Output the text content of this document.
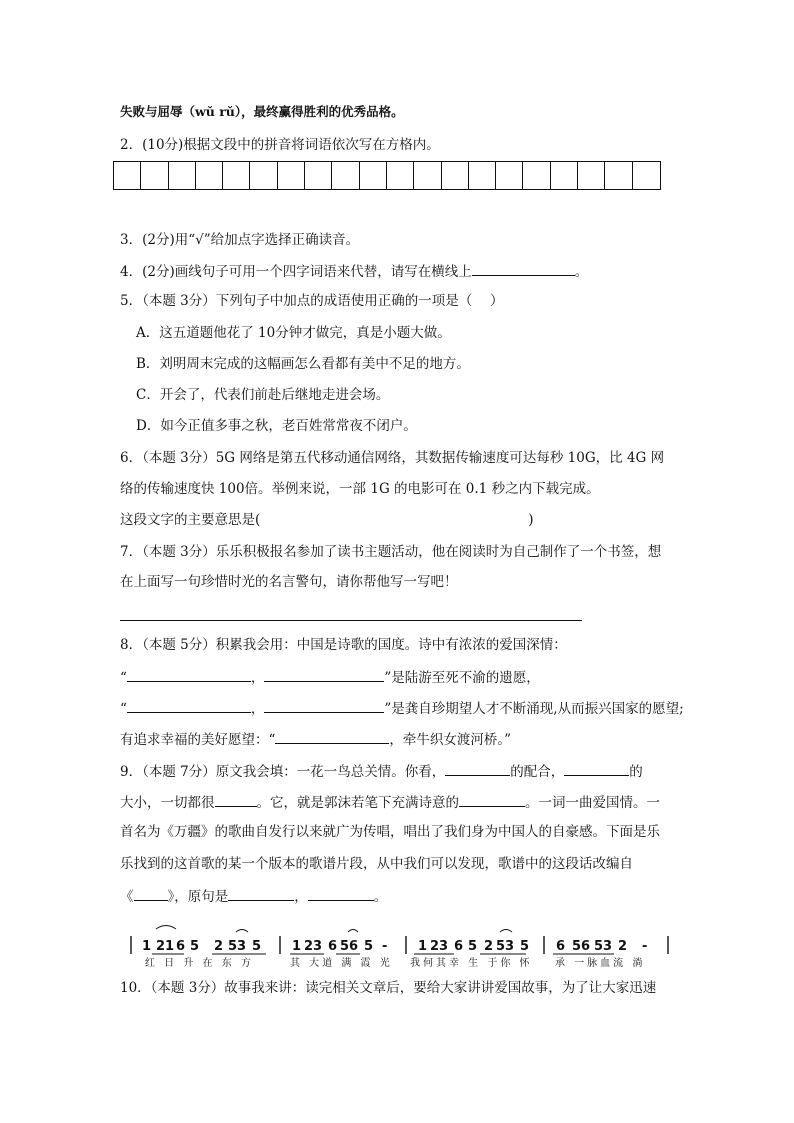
失败与屈辱（wǔ rǔ），最终赢得胜利的优秀品格。
2．(10分)根据文段中的拼音将词语依次写在方格内。
3．(2分)用“√”给加点字选择正确读音。
4．(2分)画线句子可用一个四字词语来代替，请写在横线上	。
5．（本题 3分）下列句子中加点的成语使用正确的一项是（　 ）
A．这五道题他花了 10分钟才做完，真是小题大做。
B．刘明周末完成的这幅画怎么看都有美中不足的地方。
C．开会了，代表们前赴后继地走进会场。
D．如今正值多事之秋，老百姓常常夜不闭户。
6．（本题 3分）5G 网络是第五代移动通信网络，其数据传输速度可达每秒 10G，比 4G 网
络的传输速度快 100倍。举例来说，一部 1G 的电影可在 0.1 秒之内下载完成。
这段文字的主要意思是(	)
7．（本题 3分）乐乐积极报名参加了读书主题活动，他在阅读时为自己制作了一个书签，想
在上面写一句珍惜时光的名言警句，请你帮他写一写吧！
8．（本题 5分）积累我会用：中国是诗歌的国度。诗中有浓浓的爱国深情：
“	，	”是陆游至死不渝的遗愿，
“	，	”是龚自珍期望人才不断涌现,从而振兴国家的愿望;
有追求幸福的美好愿望：“	，牵牛织女渡河桥。”
9．（本题 7分）原文我会填：一花一鸟总关情。你看，	的配合，	的
大小，一切都很	。它，就是郭沫若笔下充满诗意的	。一词一曲爱国情。一
首名为《万疆》的歌曲自发行以来就广为传唱，唱出了我们身为中国人的自豪感。下面是乐
乐找到的这首歌的某一个版本的歌谱片段，从中我们可以发现，歌谱中的这段话改编自
《	》，原句是	，	。
1 21 6 5 2 53 5 1 23 6 56 5 - 1 23 6 5 2 53 5 6 56 53 2 -
红 日 升 在 东 方	其 大道 满 霞 光 我何其幸 生 于你 怀 承 一脉血流 淌
10．（本题 3分）故事我来讲：读完相关文章后，要给大家讲讲爱国故事，为了让大家迅速
